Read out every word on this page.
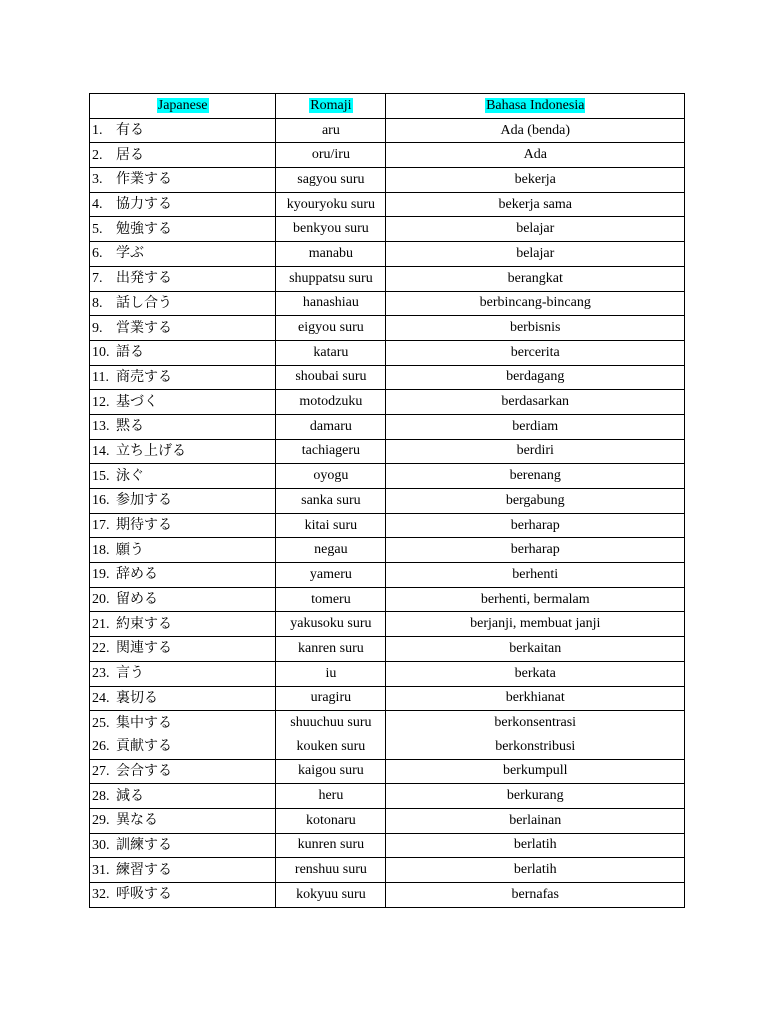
Japanese	Romaji	Bahasa Indonesia
1. 有る	aru	Ada (benda)
2. 居る	oru/iru	Ada
3. 作業する	sagyou suru	bekerja
4. 協力する	kyouryoku suru	bekerja sama
5. 勉強する	benkyou suru	belajar
6. 学ぶ	manabu	belajar
7. 出発する	shuppatsu suru	berangkat
8. 話し合う	hanashiau	berbincang-bincang
9. 営業する	eigyou suru	berbisnis
10. 語る	kataru	bercerita
11. 商売する	shoubai suru	berdagang
12. 基づく	motodzuku	berdasarkan
13. 黙る	damaru	berdiam
14. 立ち上げる	tachiageru	berdiri
15. 泳ぐ	oyogu	berenang
16. 参加する	sanka suru	bergabung
17. 期待する	kitai suru	berharap
18. 願う	negau	berharap
19. 辞める	yameru	berhenti
20. 留める	tomeru	berhenti, bermalam
21. 約束する	yakusoku suru	berjanji, membuat janji
22. 関連する	kanren suru	berkaitan
23. 言う	iu	berkata
24. 裏切る	uragiru	berkhianat
25. 集中する	shuuchuu suru	berkonsentrasi
26. 貢献する	kouken suru	berkonstribusi
27. 会合する	kaigou suru	berkumpull
28. 減る	heru	berkurang
29. 異なる	kotonaru	berlainan
30. 訓練する	kunren suru	berlatih
31. 練習する	renshuu suru	berlatih
32. 呼吸する	kokyuu suru	bernafas
